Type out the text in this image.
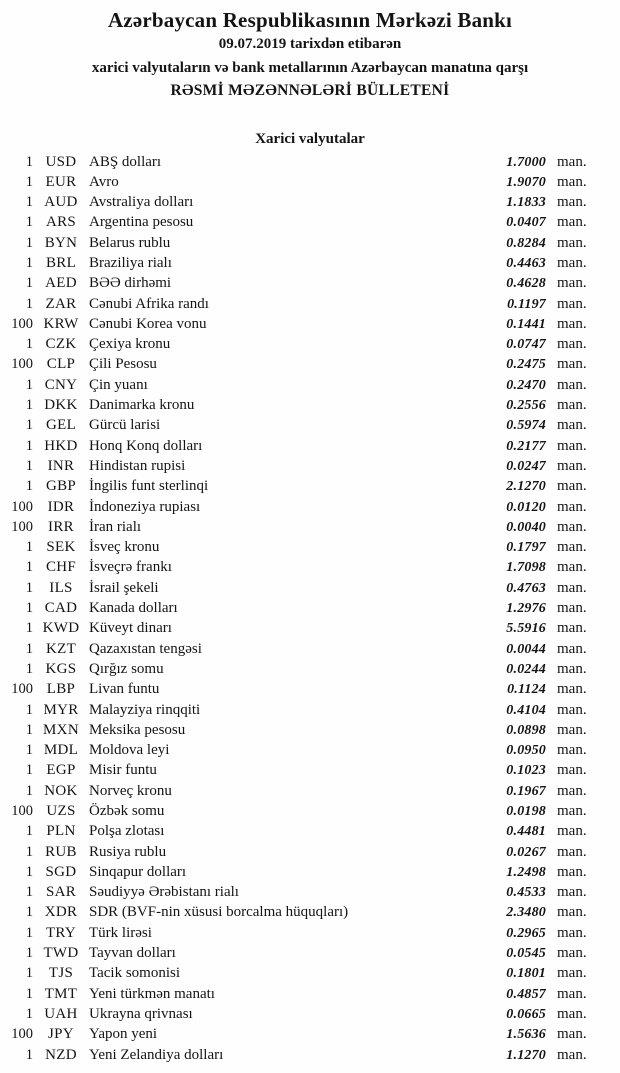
Azərbaycan Respublikasının Mərkəzi Bankı
09.07.2019 tarixdən etibarən
xarici valyutaların və bank metallarının Azərbaycan manatına qarşı
RƏSMİ MƏZƏNNƏLƏRİ BÜLLETENİ
Xarici valyutalar
1 USD ABŞ dolları	1.7000 man.
1 EUR Avro	1.9070 man.
1 AUD Avstraliya dolları	1.1833 man.
1 ARS Argentina pesosu	0.0407 man.
1 BYN Belarus rublu	0.8284 man.
1 BRL Braziliya rialı	0.4463 man.
1 AED BƏƏ dirhəmi	0.4628 man.
1 ZAR Cənubi Afrika randı	0.1197 man.
100 KRW Cənubi Korea vonu	0.1441 man.
1 CZK Çexiya kronu	0.0747 man.
100 CLP Çili Pesosu	0.2475 man.
1 CNY Çin yuanı	0.2470 man.
1 DKK Danimarka kronu	0.2556 man.
1 GEL Gürcü larisi	0.5974 man.
1 HKD Honq Konq dolları	0.2177 man.
1 INR Hindistan rupisi	0.0247 man.
1 GBP İngilis funt sterlinqi	2.1270 man.
100 IDR İndoneziya rupiası	0.0120 man.
100	IRR	İran rialı	0.0040 man.
1 SEK İsveç kronu	0.1797 man.
1 CHF İsveçrə frankı	1.7098 man.
1	ILS	İsrail şekeli	0.4763 man.
1 CAD Kanada dolları	1.2976 man.
1 KWD Küveyt dinarı	5.5916 man.
1 KZT Qazaxıstan tengəsi	0.0044 man.
1 KGS Qırğız somu	0.0244 man.
100 LBP Livan funtu	0.1124 man.
1 MYR Malayziya rinqqiti	0.4104 man.
1 MXN Meksika pesosu	0.0898 man.
1 MDL Moldova leyi	0.0950 man.
1 EGP Misir funtu	0.1023 man.
1 NOK Norveç kronu	0.1967 man.
100 UZS Özbək somu	0.0198 man.
1 PLN Polşa zlotası	0.4481 man.
1 RUB Rusiya rublu	0.0267 man.
1 SGD Sinqapur dolları	1.2498 man.
1 SAR Səudiyyə Ərəbistanı rialı	0.4533 man.
1 XDR SDR (BVF-nin xüsusi borcalma hüquqları)	2.3480 man.
1 TRY Türk lirəsi	0.2965 man.
1 TWD Tayvan dolları	0.0545 man.
1	TJS	Tacik somonisi	0.1801 man.
1 TMT Yeni türkmən manatı	0.4857 man.
1 UAH Ukrayna qrivnası	0.0665 man.
100	JPY	Yapon yeni	1.5636 man.
1 NZD Yeni Zelandiya dolları	1.1270 man.
